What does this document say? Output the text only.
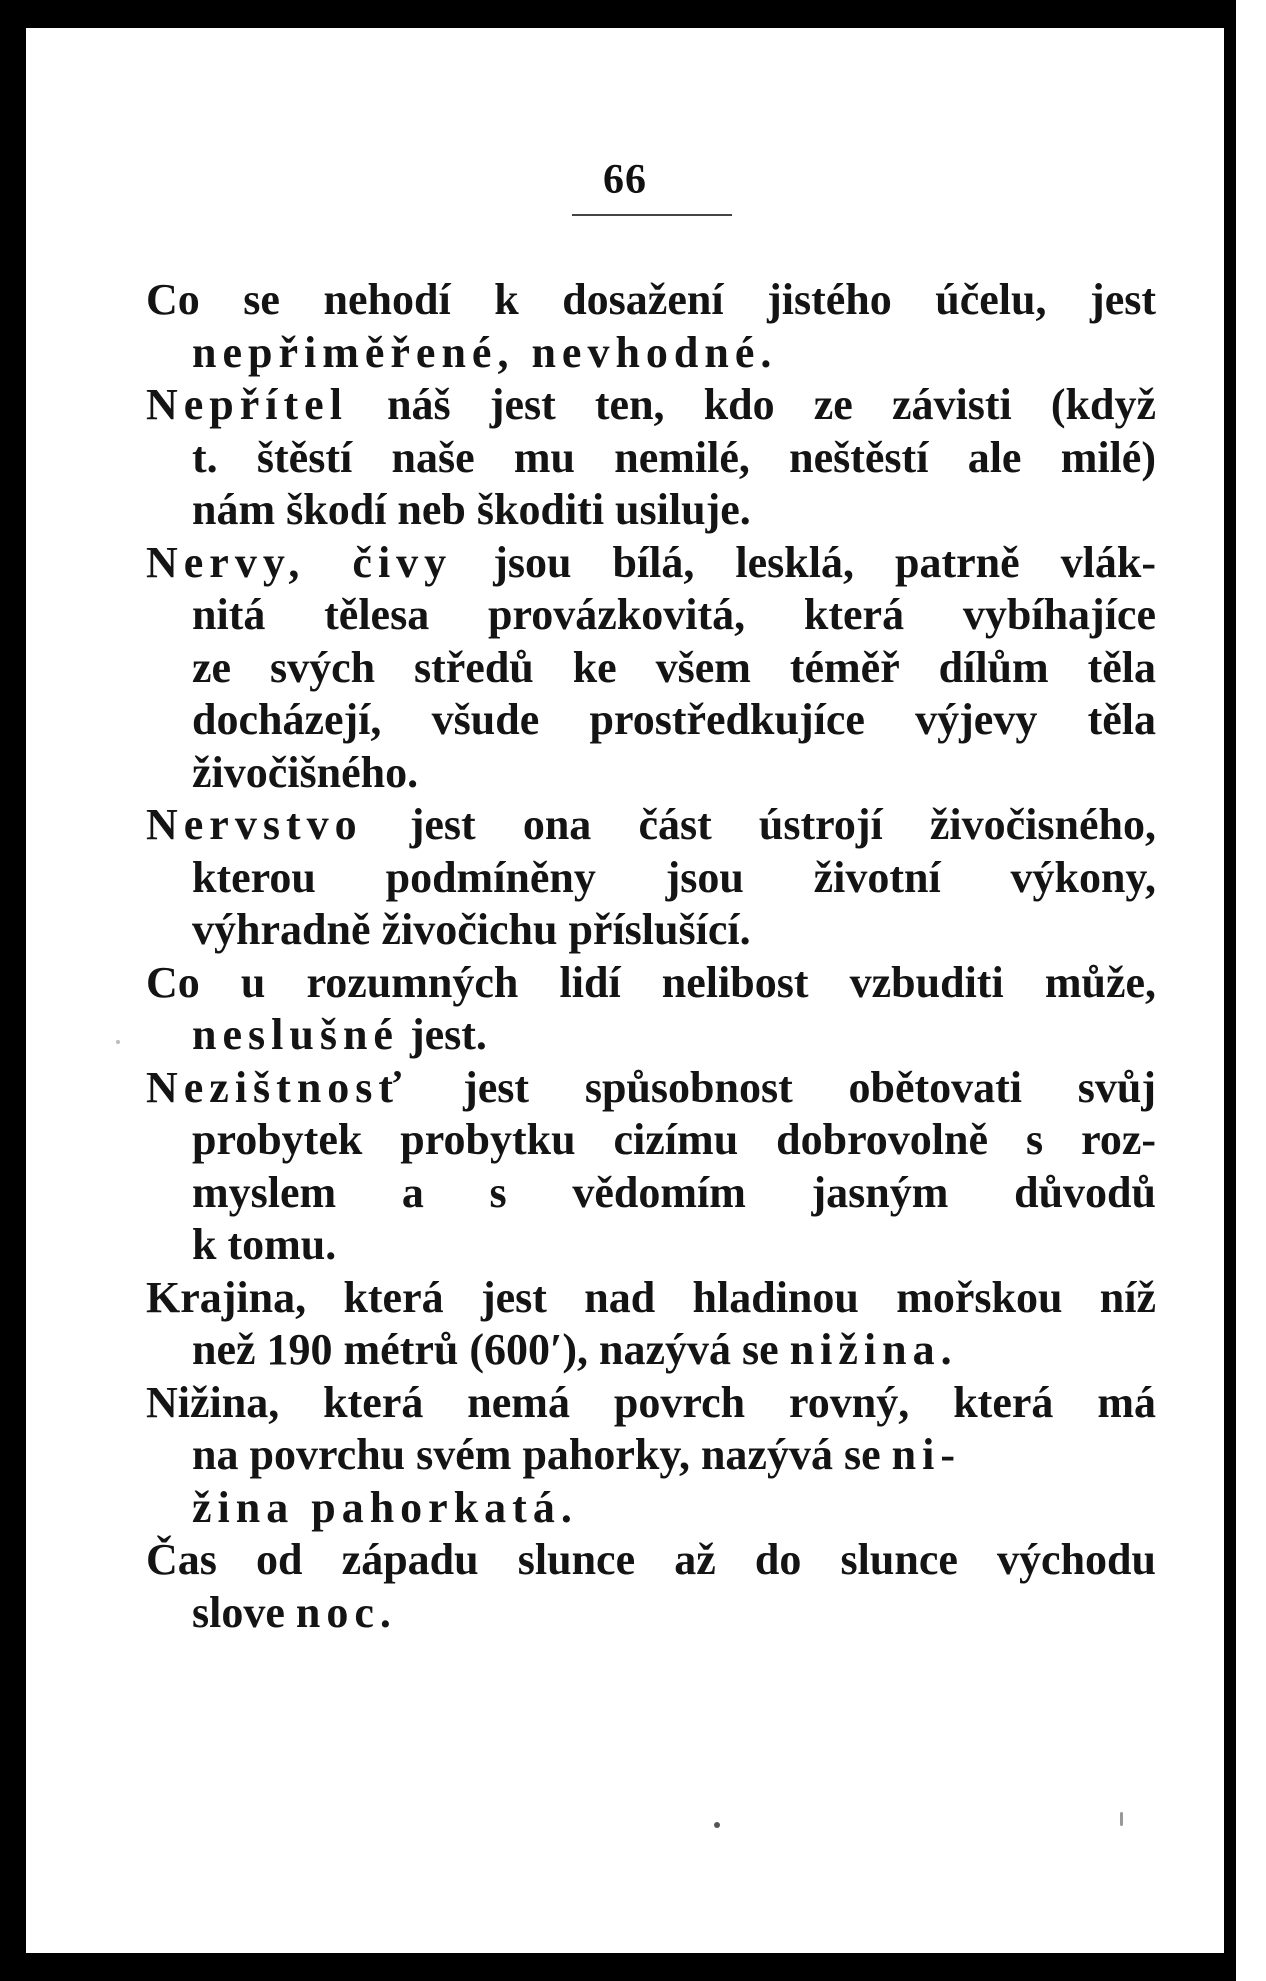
66
Co se nehodí k dosažení jistého účelu, jest
nepřiměřené, nevhodné.
Nepřítel náš jest ten, kdo ze závisti (když
t. štěstí naše mu nemilé, neštěstí ale milé)
nám škodí neb škoditi usiluje.
Nervy, čivy jsou bílá, lesklá, patrně vlák-
nitá tělesa provázkovitá, která vybíhajíce
ze svých středů ke všem téměř dílům těla
docházejí, všude prostředkujíce výjevy těla
živočišného.
Nervstvo jest ona část ústrojí živočisného,
kterou podmíněny jsou životní výkony,
výhradně živočichu příslušící.
Co u rozumných lidí nelibost vzbuditi může,
neslušné jest.
Nezištnosť jest spůsobnost obětovati svůj
probytek probytku cizímu dobrovolně s roz-
myslem a s vědomím jasným důvodů
k tomu.
Krajina, která jest nad hladinou mořskou níž
než 190 métrů (600′), nazývá se nižina.
Nižina, která nemá povrch rovný, která má
na povrchu svém pahorky, nazývá se ni-
žina pahorkatá.
Čas od západu slunce až do slunce východu
slove noc.
